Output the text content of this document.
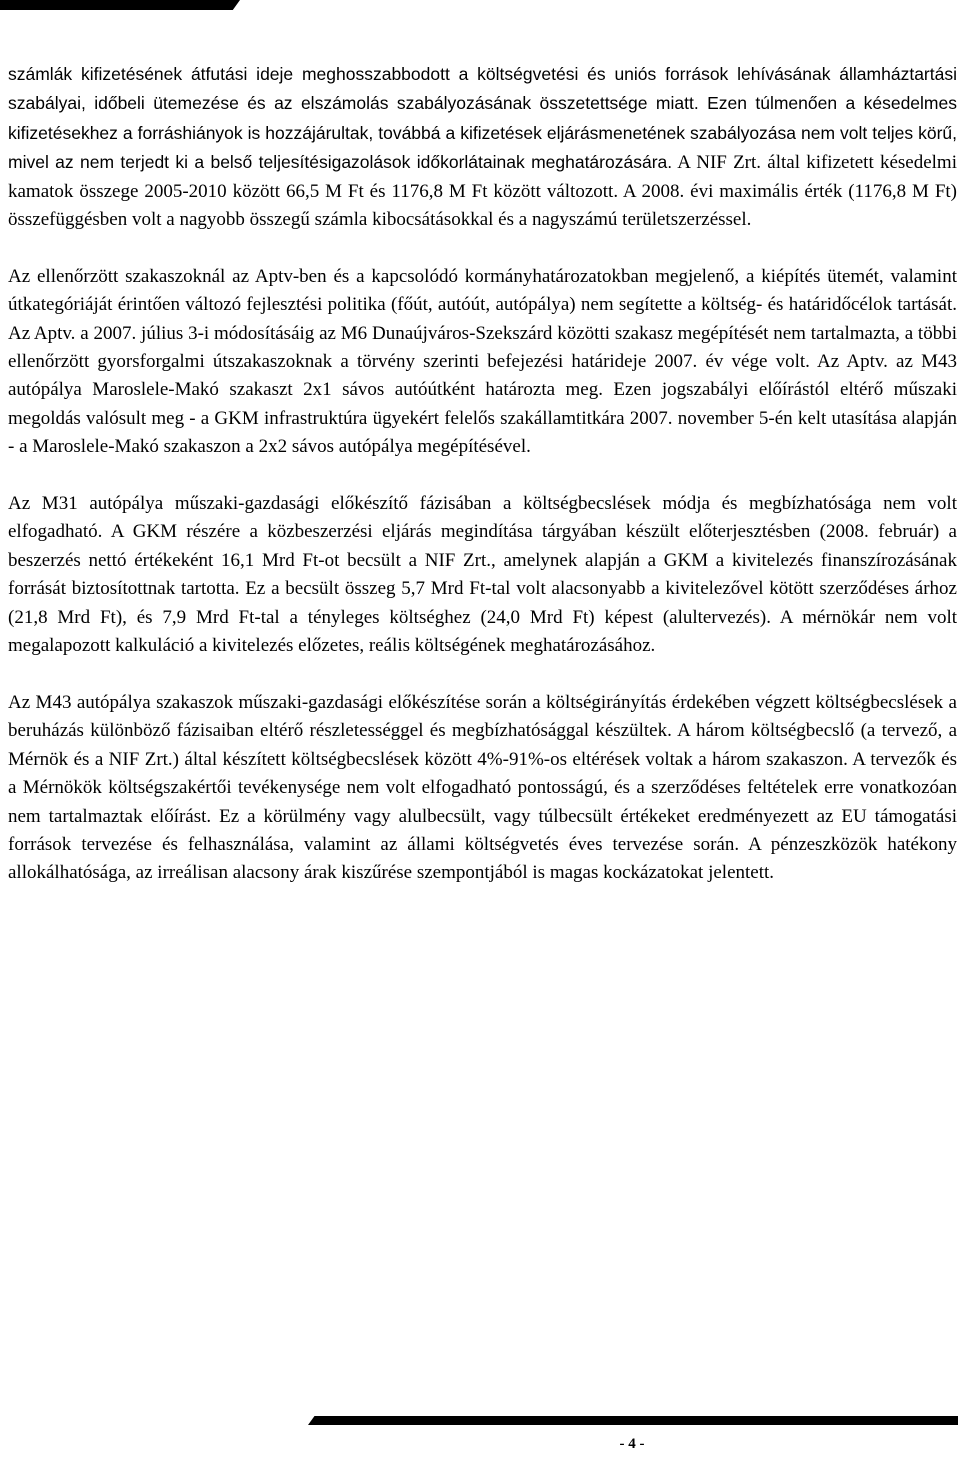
számlák kifizetésének átfutási ideje meghosszabbodott a költségvetési és uniós források lehívásának államháztartási szabályai, időbeli ütemezése és az elszámolás szabályozásának összetettsége miatt. Ezen túlmenően a késedelmes kifizetésekhez a forráshiányok is hozzájárultak, továbbá a kifizetések eljárásmenetének szabályozása nem volt teljes körű, mivel az nem terjedt ki a belső teljesítésigazolások időkorlátainak meghatározására. A NIF Zrt. által kifizetett késedelmi kamatok összege 2005-2010 között 66,5 M Ft és 1176,8 M Ft között változott. A 2008. évi maximális érték (1176,8 M Ft) összefüggésben volt a nagyobb összegű számla kibocsátásokkal és a nagyszámú területszerzéssel.

Az ellenőrzött szakaszoknál az Aptv-ben és a kapcsolódó kormányhatározatokban megjelenő, a kiépítés ütemét, valamint útkategóriáját érintően változó fejlesztési politika (főút, autóút, autópálya) nem segítette a költség- és határidőcélok tartását. Az Aptv. a 2007. július 3-i módosításáig az M6 Dunaújváros-Szekszárd közötti szakasz megépítését nem tartalmazta, a többi ellenőrzött gyorsforgalmi útszakaszoknak a törvény szerinti befejezési határideje 2007. év vége volt. Az Aptv. az M43 autópálya Maroslele-Makó szakaszt 2x1 sávos autóútként határozta meg. Ezen jogszabályi előírástól eltérő műszaki megoldás valósult meg - a GKM infrastruktúra ügyekért felelős szakállamtitkára 2007. november 5-én kelt utasítása alapján - a Maroslele-Makó szakaszon a 2x2 sávos autópálya megépítésével.

Az M31 autópálya műszaki-gazdasági előkészítő fázisában a költségbecslések módja és megbízhatósága nem volt elfogadható. A GKM részére a közbeszerzési eljárás megindítása tárgyában készült előterjesztésben (2008. február) a beszerzés nettó értékeként 16,1 Mrd Ft-ot becsült a NIF Zrt., amelynek alapján a GKM a kivitelezés finanszírozásának forrását biztosítottnak tartotta. Ez a becsült összeg 5,7 Mrd Ft-tal volt alacsonyabb a kivitelezővel kötött szerződéses árhoz (21,8 Mrd Ft), és 7,9 Mrd Ft-tal a tényleges költséghez (24,0 Mrd Ft) képest (alultervezés). A mérnökár nem volt megalapozott kalkuláció a kivitelezés előzetes, reális költségének meghatározásához.

Az M43 autópálya szakaszok műszaki-gazdasági előkészítése során a költségirányítás érdekében végzett költségbecslések a beruházás különböző fázisaiban eltérő részletességgel és megbízhatósággal készültek. A három költségbecslő (a tervező, a Mérnök és a NIF Zrt.) által készített költségbecslések között 4%-91%-os eltérések voltak a három szakaszon. A tervezők és a Mérnökök költségszakértői tevékenysége nem volt elfogadható pontosságú, és a szerződéses feltételek erre vonatkozóan nem tartalmaztak előírást. Ez a körülmény vagy alulbecsült, vagy túlbecsült értékeket eredményezett az EU támogatási források tervezése és felhasználása, valamint az állami költségvetés éves tervezése során. A pénzeszközök hatékony allokálhatósága, az irreálisan alacsony árak kiszűrése szempontjából is magas kockázatokat jelentett.

- 4 -
